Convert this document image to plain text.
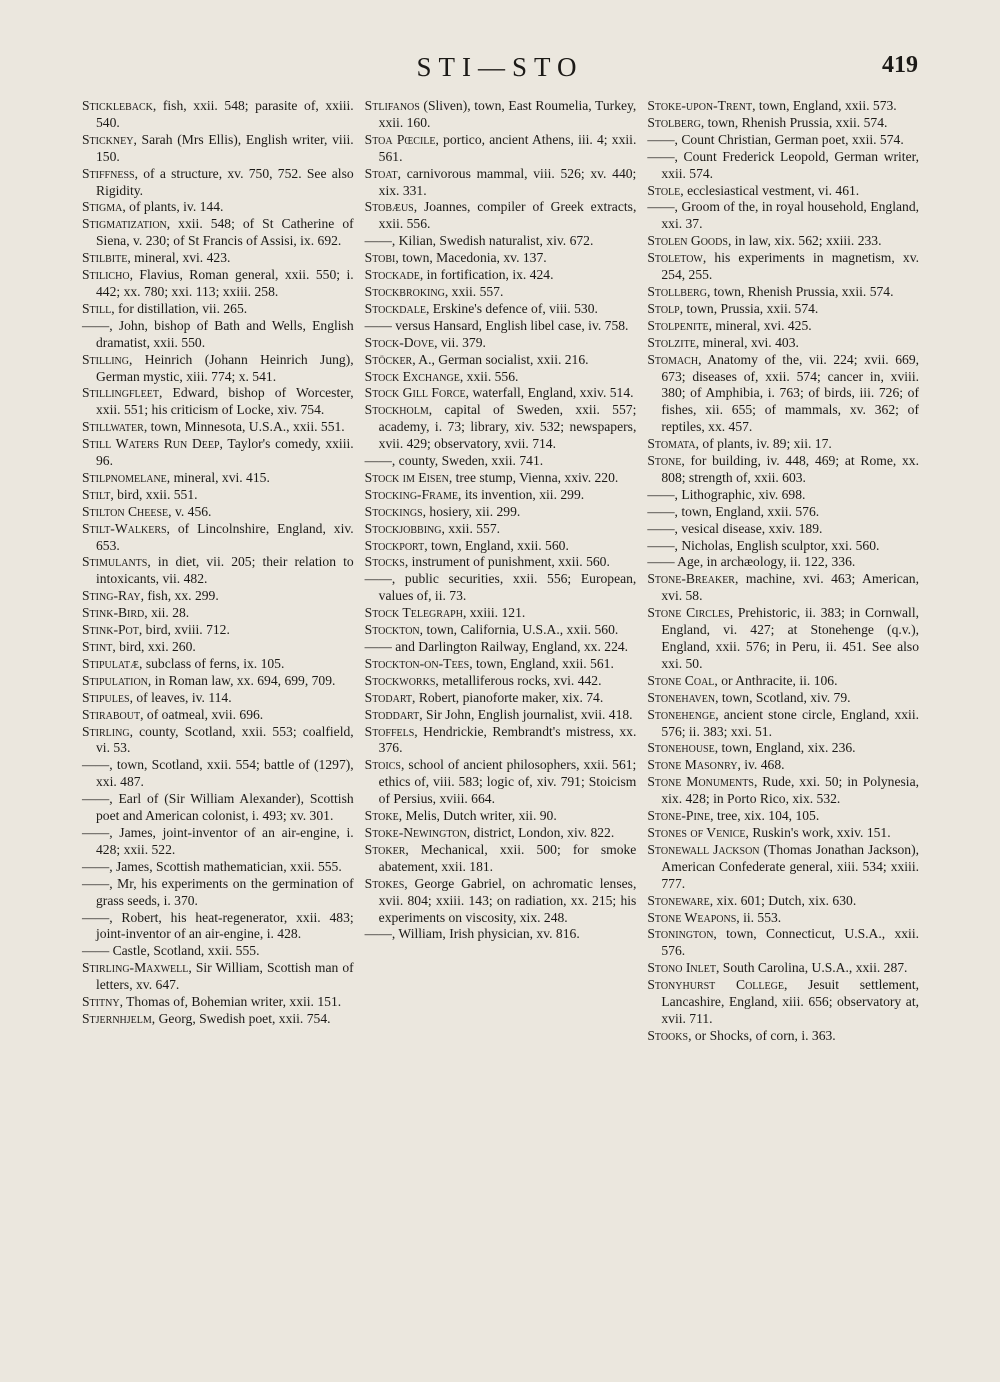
STI—STO	419

Stickleback, fish, xxii. 548; parasite of, xxiii. 540.

Stickney, Sarah (Mrs Ellis), English writer, viii. 150.

Stiffness, of a structure, xv. 750, 752. See also Rigidity.

Stigma, of plants, iv. 144.

Stigmatization, xxii. 548; of St Catherine of Siena, v. 230; of St Francis of Assisi, ix. 692.

Stilbite, mineral, xvi. 423.

Stilicho, Flavius, Roman general, xxii. 550; i. 442; xx. 780; xxi. 113; xxiii. 258.

Still, for distillation, vii. 265.

——, John, bishop of Bath and Wells, English dramatist, xxii. 550.

Stilling, Heinrich (Johann Heinrich Jung), German mystic, xiii. 774; x. 541.

Stillingfleet, Edward, bishop of Worcester, xxii. 551; his criticism of Locke, xiv. 754.

Stillwater, town, Minnesota, U.S.A., xxii. 551.

Still Waters Run Deep, Taylor's comedy, xxiii. 96.

Stilpnomelane, mineral, xvi. 415.

Stilt, bird, xxii. 551.

Stilton Cheese, v. 456.

Stilt-Walkers, of Lincolnshire, England, xiv. 653.

Stimulants, in diet, vii. 205; their relation to intoxicants, vii. 482.

Sting-Ray, fish, xx. 299.

Stink-Bird, xii. 28.

Stink-Pot, bird, xviii. 712.

Stint, bird, xxi. 260.

Stipulatæ, subclass of ferns, ix. 105.

Stipulation, in Roman law, xx. 694, 699, 709.

Stipules, of leaves, iv. 114.

Stirabout, of oatmeal, xvii. 696.

Stirling, county, Scotland, xxii. 553; coalfield, vi. 53.

——, town, Scotland, xxii. 554; battle of (1297), xxi. 487.

——, Earl of (Sir William Alexander), Scottish poet and American colonist, i. 493; xv. 301.

——, James, joint-inventor of an air-engine, i. 428; xxii. 522.

——, James, Scottish mathematician, xxii. 555.

——, Mr, his experiments on the germination of grass seeds, i. 370.

——, Robert, his heat-regenerator, xxii. 483; joint-inventor of an air-engine, i. 428.

—— Castle, Scotland, xxii. 555.

Stirling-Maxwell, Sir William, Scottish man of letters, xv. 647.

Stitny, Thomas of, Bohemian writer, xxii. 151.

Stjernhjelm, Georg, Swedish poet, xxii. 754.

Stlifanos (Sliven), town, East Roumelia, Turkey, xxii. 160.

Stoa Pœcile, portico, ancient Athens, iii. 4; xxii. 561.

Stoat, carnivorous mammal, viii. 526; xv. 440; xix. 331.

Stobæus, Joannes, compiler of Greek extracts, xxii. 556.

——, Kilian, Swedish naturalist, xiv. 672.

Stobi, town, Macedonia, xv. 137.

Stockade, in fortification, ix. 424.

Stockbroking, xxii. 557.

Stockdale, Erskine's defence of, viii. 530.

—— versus Hansard, English libel case, iv. 758.

Stock-Dove, vii. 379.

Stöcker, A., German socialist, xxii. 216.

Stock Exchange, xxii. 556.

Stock Gill Force, waterfall, England, xxiv. 514.

Stockholm, capital of Sweden, xxii. 557; academy, i. 73; library, xiv. 532; newspapers, xvii. 429; observatory, xvii. 714.

——, county, Sweden, xxii. 741.

Stock im Eisen, tree stump, Vienna, xxiv. 220.

Stocking-Frame, its invention, xii. 299.

Stockings, hosiery, xii. 299.

Stockjobbing, xxii. 557.

Stockport, town, England, xxii. 560.

Stocks, instrument of punishment, xxii. 560.

——, public securities, xxii. 556; European, values of, ii. 73.

Stock Telegraph, xxiii. 121.

Stockton, town, California, U.S.A., xxii. 560.

—— and Darlington Railway, England, xx. 224.

Stockton-on-Tees, town, England, xxii. 561.

Stockworks, metalliferous rocks, xvi. 442.

Stodart, Robert, pianoforte maker, xix. 74.

Stoddart, Sir John, English journalist, xvii. 418.

Stoffels, Hendrickie, Rembrandt's mistress, xx. 376.

Stoics, school of ancient philosophers, xxii. 561; ethics of, viii. 583; logic of, xiv. 791; Stoicism of Persius, xviii. 664.

Stoke, Melis, Dutch writer, xii. 90.

Stoke-Newington, district, London, xiv. 822.

Stoker, Mechanical, xxii. 500; for smoke abatement, xxii. 181.

Stokes, George Gabriel, on achromatic lenses, xvii. 804; xxiii. 143; on radiation, xx. 215; his experiments on viscosity, xix. 248.

——, William, Irish physician, xv. 816.

Stoke-upon-Trent, town, England, xxii. 573.

Stolberg, town, Rhenish Prussia, xxii. 574.

——, Count Christian, German poet, xxii. 574.

——, Count Frederick Leopold, German writer, xxii. 574.

Stole, ecclesiastical vestment, vi. 461.

——, Groom of the, in royal household, England, xxi. 37.

Stolen Goods, in law, xix. 562; xxiii. 233.

Stoletow, his experiments in magnetism, xv. 254, 255.

Stollberg, town, Rhenish Prussia, xxii. 574.

Stolp, town, Prussia, xxii. 574.

Stolpenite, mineral, xvi. 425.

Stolzite, mineral, xvi. 403.

Stomach, Anatomy of the, vii. 224; xvii. 669, 673; diseases of, xxii. 574; cancer in, xviii. 380; of Amphibia, i. 763; of birds, iii. 726; of fishes, xii. 655; of mammals, xv. 362; of reptiles, xx. 457.

Stomata, of plants, iv. 89; xii. 17.

Stone, for building, iv. 448, 469; at Rome, xx. 808; strength of, xxii. 603.

——, Lithographic, xiv. 698.

——, town, England, xxii. 576.

——, vesical disease, xxiv. 189.

——, Nicholas, English sculptor, xxi. 560.

—— Age, in archæology, ii. 122, 336.

Stone-Breaker, machine, xvi. 463; American, xvi. 58.

Stone Circles, Prehistoric, ii. 383; in Cornwall, England, vi. 427; at Stonehenge (q.v.), England, xxii. 576; in Peru, ii. 451. See also xxi. 50.

Stone Coal, or Anthracite, ii. 106.

Stonehaven, town, Scotland, xiv. 79.

Stonehenge, ancient stone circle, England, xxii. 576; ii. 383; xxi. 51.

Stonehouse, town, England, xix. 236.

Stone Masonry, iv. 468.

Stone Monuments, Rude, xxi. 50; in Polynesia, xix. 428; in Porto Rico, xix. 532.

Stone-Pine, tree, xix. 104, 105.

Stones of Venice, Ruskin's work, xxiv. 151.

Stonewall Jackson (Thomas Jonathan Jackson), American Confederate general, xiii. 534; xxiii. 777.

Stoneware, xix. 601; Dutch, xix. 630.

Stone Weapons, ii. 553.

Stonington, town, Connecticut, U.S.A., xxii. 576.

Stono Inlet, South Carolina, U.S.A., xxii. 287.

Stonyhurst College, Jesuit settlement, Lancashire, England, xiii. 656; observatory at, xvii. 711.

Stooks, or Shocks, of corn, i. 363.
